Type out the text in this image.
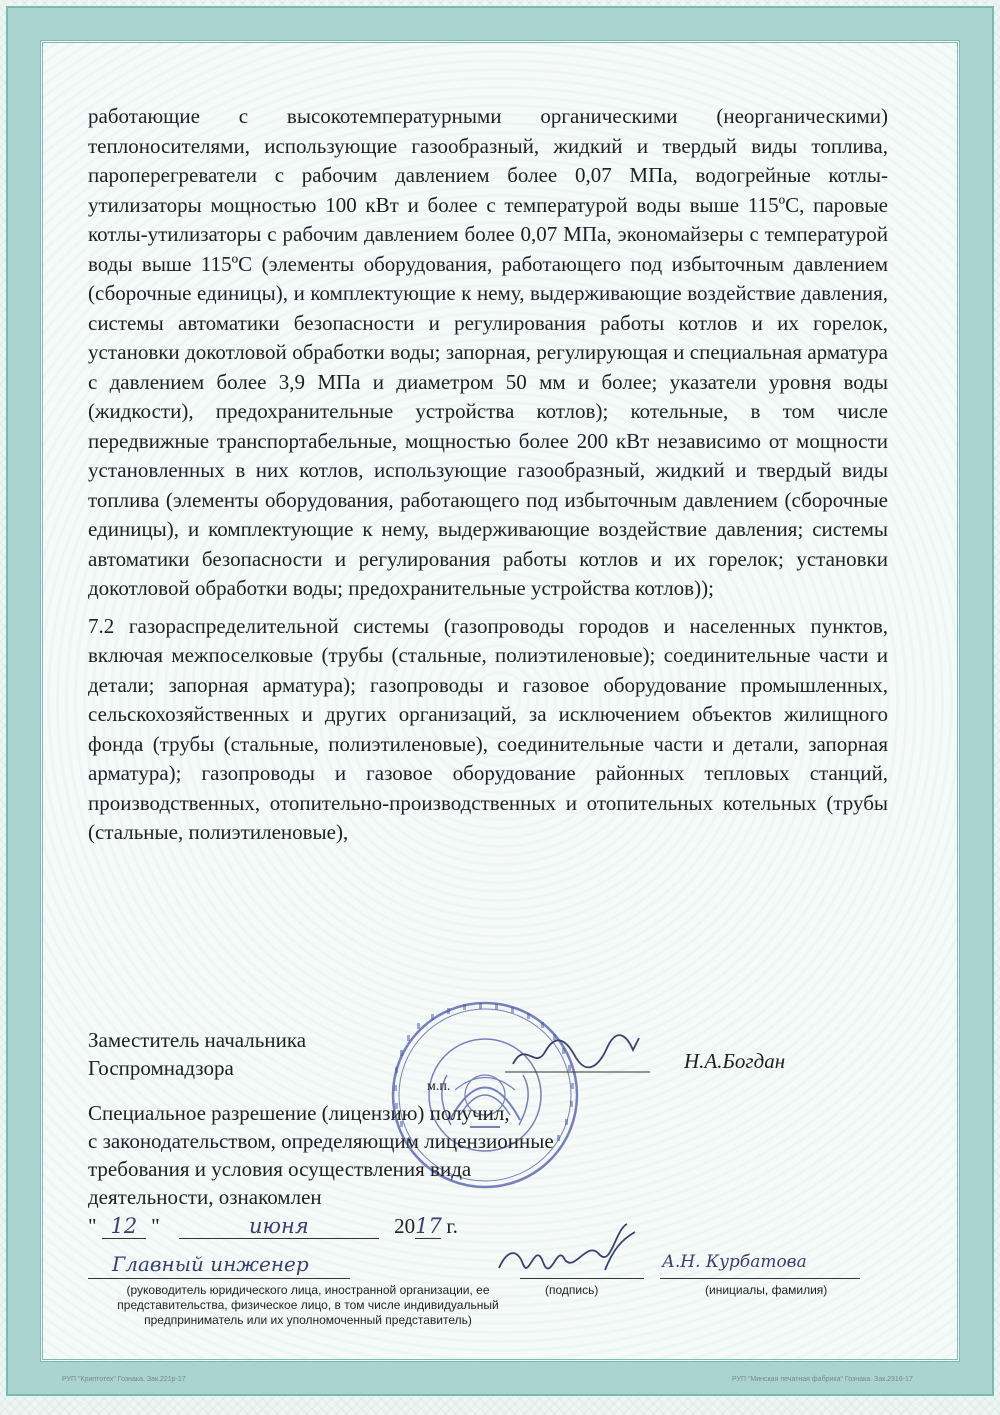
работающие с высокотемпературными органическими (неорганическими) теплоносителями, использующие газообразный, жидкий и твердый виды топлива, пароперегреватели с рабочим давлением более 0,07 МПа, водогрейные котлы-утилизаторы мощностью 100 кВт и более с температурой воды выше 115ºС, паровые котлы-утилизаторы с рабочим давлением более 0,07 МПа, экономайзеры с температурой воды выше 115ºС (элементы оборудования, работающего под избыточным давлением (сборочные единицы), и комплектующие к нему, выдерживающие воздействие давления, системы автоматики безопасности и регулирования работы котлов и их горелок, установки докотловой обработки воды; запорная, регулирующая и специальная арматура с давлением более 3,9 МПа и диаметром 50 мм и более; указатели уровня воды (жидкости), предохранительные устройства котлов); котельные, в том числе передвижные транспортабельные, мощностью более 200 кВт независимо от мощности установленных в них котлов, использующие газообразный, жидкий и твердый виды топлива (элементы оборудования, работающего под избыточным давлением (сборочные единицы), и комплектующие к нему, выдерживающие воздействие давления; системы автоматики безопасности и регулирования работы котлов и их горелок; установки докотловой обработки воды; предохранительные устройства котлов));

7.2 газораспределительной системы (газопроводы городов и населенных пунктов, включая межпоселковые (трубы (стальные, полиэтиленовые); соединительные части и детали; запорная арматура); газопроводы и газовое оборудование промышленных, сельскохозяйственных и других организаций, за исключением объектов жилищного фонда (трубы (стальные, полиэтиленовые), соединительные части и детали, запорная арматура); газопроводы и газовое оборудование районных тепловых станций, производственных, отопительно-производственных и отопительных котельных (трубы (стальные, полиэтиленовые),

Заместитель начальника
Госпромнадзора	Н.А.Богдан
м.п.
Специальное разрешение (лицензию) получил,
с законодательством, определяющим лицензионные
требования и условия осуществления вида
деятельности, ознакомлен
" 12 "	июня	2017 г.
Главный инженер	А.Н. Курбатова
(руководитель юридического лица, иностранной организации, ее
представительства, физическое лицо, в том числе индивидуальный
предприниматель или их уполномоченный представитель)
(подпись)	(инициалы, фамилия)
РУП "Криптотех" Гознака. Зак.221р-17	РУП "Минская печатная фабрика" Гознака. Зак.2316-17
